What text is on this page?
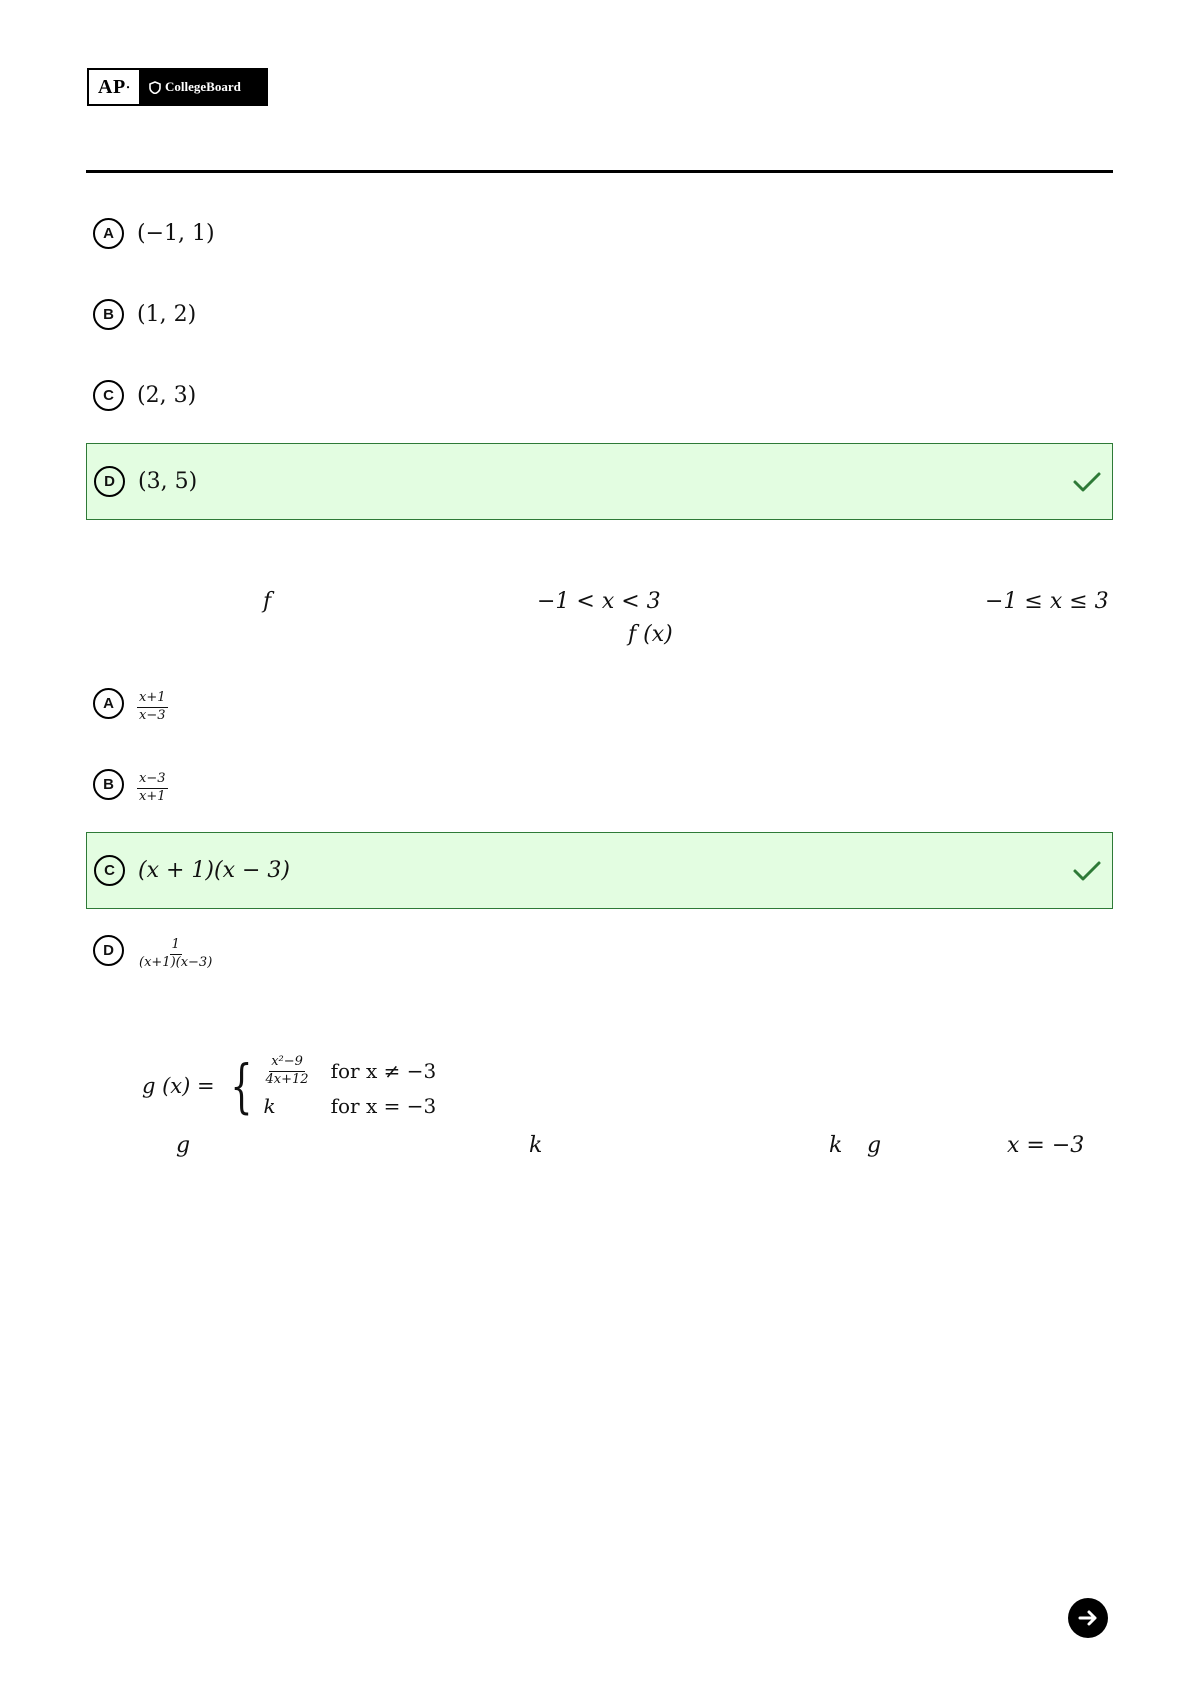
AP •	CollegeBoard
A	(−1, 1)
B	(1, 2)
C	(2, 3)
D	(3, 5)
f	−1 < x < 3	−1 ≤ x ≤ 3
f (x)
A	$\frac{x+1}{x-3}$
B	$\frac{x-3}{x+1}$
C	(x + 1)(x − 3)
D	$\frac{1}{(x+1)(x-3)}$
g (x) = { $\frac{\text{x²−9}}{4x+12}$ for x ≠ −3
k	for x = −3
g	k	k g	x = −3
